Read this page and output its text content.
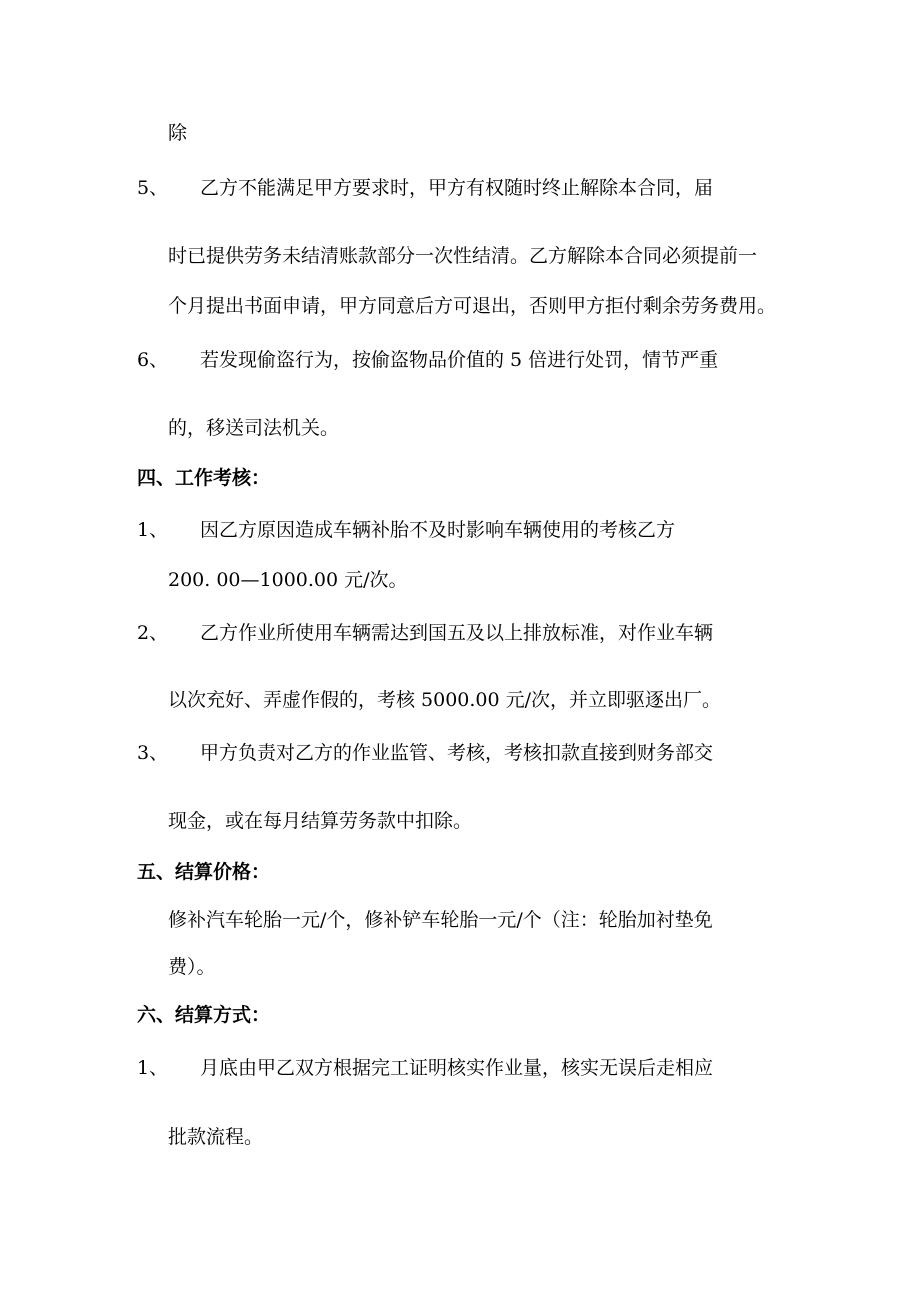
除
5、 乙方不能满足甲方要求时，甲方有权随时终止解除本合同，届
时已提供劳务未结清账款部分一次性结清。乙方解除本合同必须提前一
个月提出书面申请，甲方同意后方可退出，否则甲方拒付剩余劳务费用。
6、 若发现偷盗行为，按偷盗物品价值的 5 倍进行处罚，情节严重
的，移送司法机关。
四、工作考核：
1、 因乙方原因造成车辆补胎不及时影响车辆使用的考核乙方
200. 00—1000.00 元/次。
2、 乙方作业所使用车辆需达到国五及以上排放标准，对作业车辆
以次充好、弄虚作假的，考核 5000.00 元/次，并立即驱逐出厂。
3、 甲方负责对乙方的作业监管、考核，考核扣款直接到财务部交
现金，或在每月结算劳务款中扣除。
五、结算价格：
修补汽车轮胎一元/个，修补铲车轮胎一元/个（注：轮胎加衬垫免
费）。
六、结算方式：
1、 月底由甲乙双方根据完工证明核实作业量，核实无误后走相应
批款流程。
